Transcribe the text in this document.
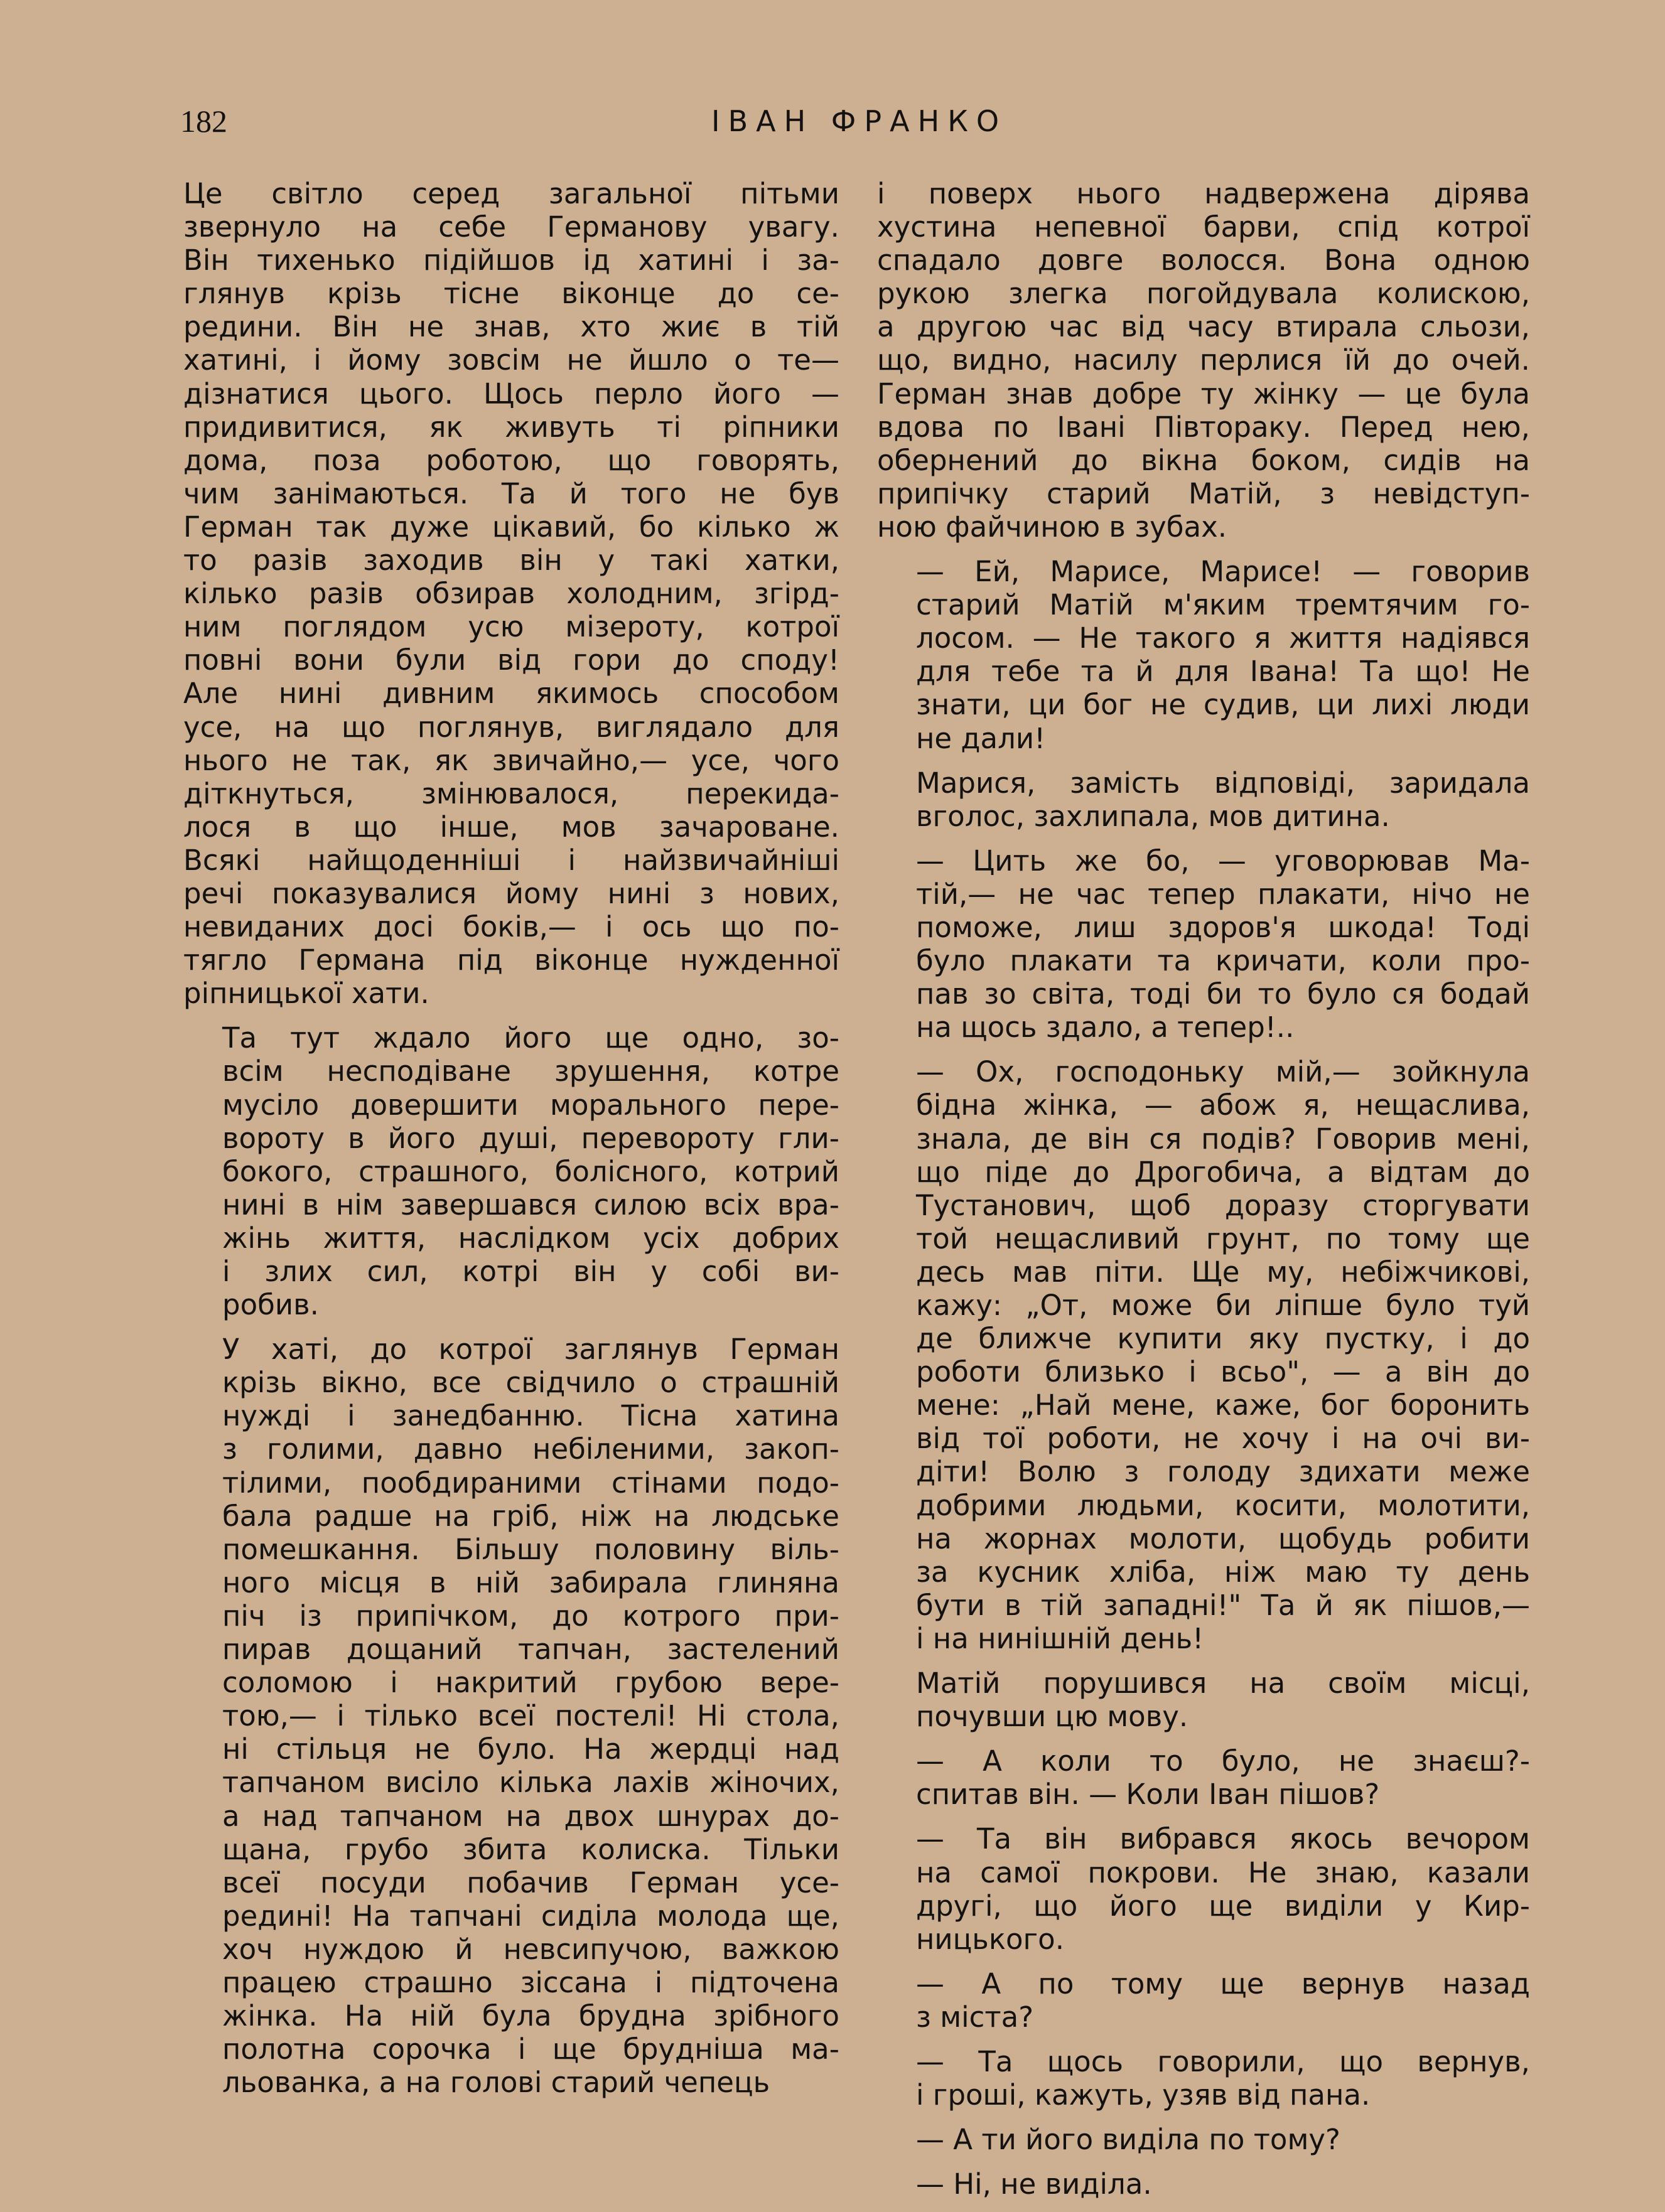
182	ІВАН ФРАНКО
Це світло серед загальної пітьми
звернуло на себе Германову увагу.
Він тихенько підійшов ід хатині і за-
глянув крізь тісне віконце до се-
редини. Він не знав, хто жиє в тій
хатині, і йому зовсім не йшло о те—
дізнатися цього. Щось перло його —
придивитися, як живуть ті ріпники
дома, поза роботою, що говорять,
чим занімаються. Та й того не був
Герман так дуже цікавий, бо кілько ж
то разів заходив він у такі хатки,
кілько разів обзирав холодним, згірд-
ним поглядом усю мізероту, котрої
повні вони були від гори до споду!
Але нині дивним якимось способом
усе, на що поглянув, виглядало для
нього не так, як звичайно,— усе, чого
діткнуться, змінювалося, перекида-
лося в що інше, мов зачароване.
Всякі найщоденніші і найзвичайніші
речі показувалися йому нині з нових,
невиданих досі боків,— і ось що по-
тягло Германа під віконце нужденної
ріпницької хати.
Та тут ждало його ще одно, зо-
всім несподіване зрушення, котре
мусіло довершити морального пере-
вороту в його душі, перевороту гли-
бокого, страшного, болісного, котрий
нині в нім завершався силою всіх вра-
жінь життя, наслідком усіх добрих
і злих сил, котрі він у собі ви-
робив.
У хаті, до котрої заглянув Герман
крізь вікно, все свідчило о страшній
нужді і занедбанню. Тісна хатина
з голими, давно небіленими, закоп-
тілими, пообдираними стінами подо-
бала радше на гріб, ніж на людське
помешкання. Більшу половину віль-
ного місця в ній забирала глиняна
піч із припічком, до котрого при-
пирав дощаний тапчан, застелений
соломою і накритий грубою вере-
тою,— і тілько всеї постелі! Ні стола,
ні стільця не було. На жердці над
тапчаном висіло кілька лахів жіночих,
а над тапчаном на двох шнурах до-
щана, грубо збита колиска. Тільки
всеї посуди побачив Герман усе-
редині! На тапчані сиділа молода ще,
хоч нуждою й невсипучою, важкою
працею страшно зіссана і підточена
жінка. На ній була брудна зрібного
полотна сорочка і ще брудніша ма-
льованка, а на голові старий чепець
і поверх нього надвержена дірява
хустина непевної барви, спід котрої
спадало довге волосся. Вона одною
рукою злегка погойдувала колискою,
а другою час від часу втирала сльози,
що, видно, насилу перлися їй до очей.
Герман знав добре ту жінку — це була
вдова по Івані Півтораку. Перед нею,
обернений до вікна боком, сидів на
припічку старий Матій, з невідступ-
ною файчиною в зубах.
— Ей, Марисе, Марисе! — говорив
старий Матій м'яким тремтячим го-
лосом. — Не такого я життя надіявся
для тебе та й для Івана! Та що! Не
знати, ци бог не судив, ци лихі люди
не дали!
Марися, замість відповіді, заридала
вголос, захлипала, мов дитина.
— Цить же бо, — уговорював Ма-
тій,— не час тепер плакати, нічо не
поможе, лиш здоров'я шкода! Тоді
було плакати та кричати, коли про-
пав зо світа, тоді би то було ся бодай
на щось здало, а тепер!..
— Ох, господоньку мій,— зойкнула
бідна жінка, — абож я, нещаслива,
знала, де він ся подів? Говорив мені,
що піде до Дрогобича, а відтам до
Тустанович, щоб доразу сторгувати
той нещасливий грунт, по тому ще
десь мав піти. Ще му, небіжчикові,
кажу: „От, може би ліпше було туй
де ближче купити яку пустку, і до
роботи близько і всьо", — а він до
мене: „Най мене, каже, бог боронить
від тої роботи, не хочу і на очі ви-
діти! Волю з голоду здихати меже
добрими людьми, косити, молотити,
на жорнах молоти, щобудь робити
за кусник хліба, ніж маю ту день
бути в тій западні!" Та й як пішов,—
і на нинішній день!
Матій порушився на своїм місці,
почувши цю мову.
— А коли то було, не знаєш?-
спитав він. — Коли Іван пішов?
— Та він вибрався якось вечором
на самої покрови. Не знаю, казали
другі, що його ще виділи у Кир-
ницького.
— А по тому ще вернув назад
з міста?
— Та щось говорили, що вернув,
і гроші, кажуть, узяв від пана.
— А ти його виділа по тому?
— Ні, не виділа.
